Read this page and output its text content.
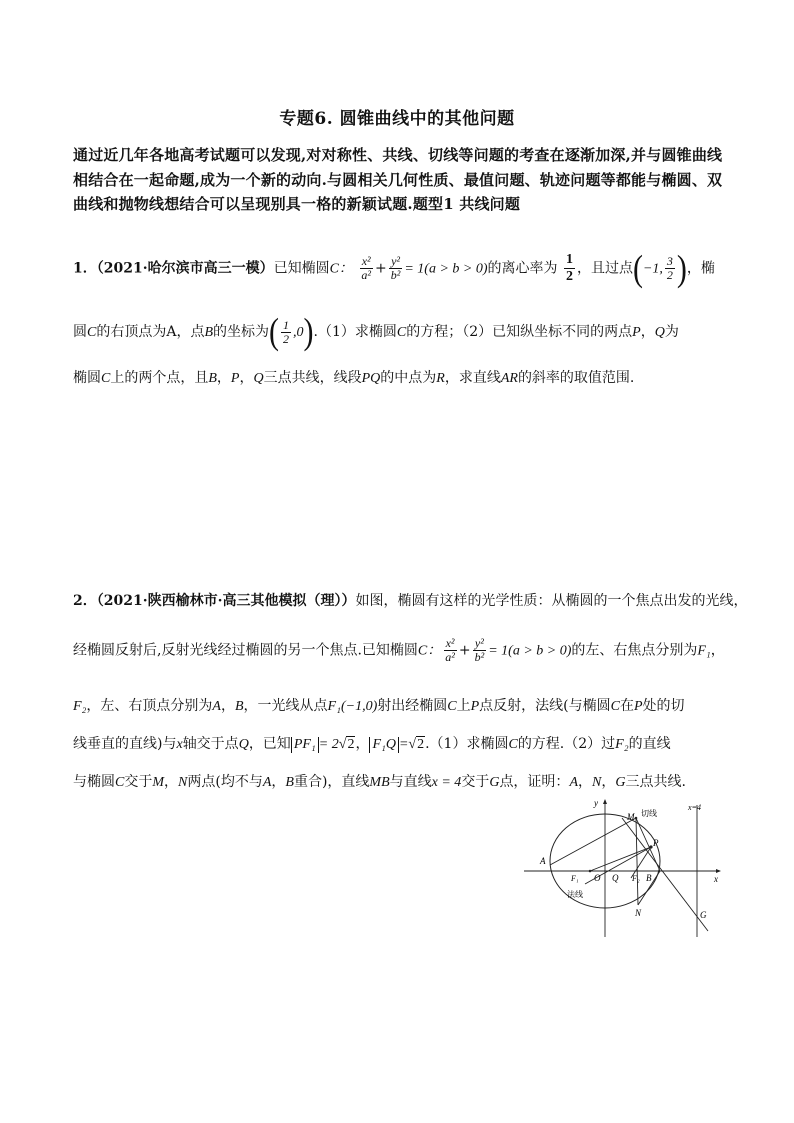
专题6. 圆锥曲线中的其他问题
通过近几年各地高考试题可以发现,对对称性、共线、切线等问题的考查在逐渐加深,并与圆锥曲线相结合在一起命题,成为一个新的动向.与圆相关几何性质、最值问题、轨迹问题等都能与椭圆、双曲线和抛物线想结合可以呈现别具一格的新颖试题.题型1 共线问题
1．（2021·哈尔滨市高三一模）已知椭圆C： $\frac{\text{x²}}{\text{a²}} + \frac{\text{y²}}{\text{b²}} = 1(a > b > 0)$的离心率为 $\frac{1}{2}$ ，且过点(−1, $\frac{3}{2}$ )，椭
圆C的右顶点为A，点B的坐标为( $\frac{1}{2} ,0).(1)$求椭圆C的方程；（2）已知纵坐标不同的两点P，Q为
椭圆C上的两个点，且B，P，Q三点共线，线段PQ的中点为R，求直线AR的斜率的取值范围.
2．（2021·陕西榆林市·高三其他模拟（理））如图，椭圆有这样的光学性质：从椭圆的一个焦点出发的光线，
经椭圆反射后,反射光线经过椭圆的另一个焦点.已知椭圆C： $\frac{\text{x²}}{\text{a²}} + \frac{\text{y²}}{\text{b²}} = 1(a > b > 0)$的左、右焦点分别为F₁，
F₂，左、右顶点分别为A，B，一光线从点F₁(−1,0)射出经椭圆C上P点反射，法线(与椭圆C在P处的切
线垂直的直线)与x轴交于点Q，已知 PF₁ = 2√2， F₁Q =√2.（1）求椭圆C的方程.（2）过F₂的直线
与椭圆C交于M，N两点(均不与A，B重合)，直线MB与直线x = 4交于G点，证明：A，N，G三点共线.
y
x
x=4
切线
法线
A
O
F₁	Q F₂ B
M
N
P
G
